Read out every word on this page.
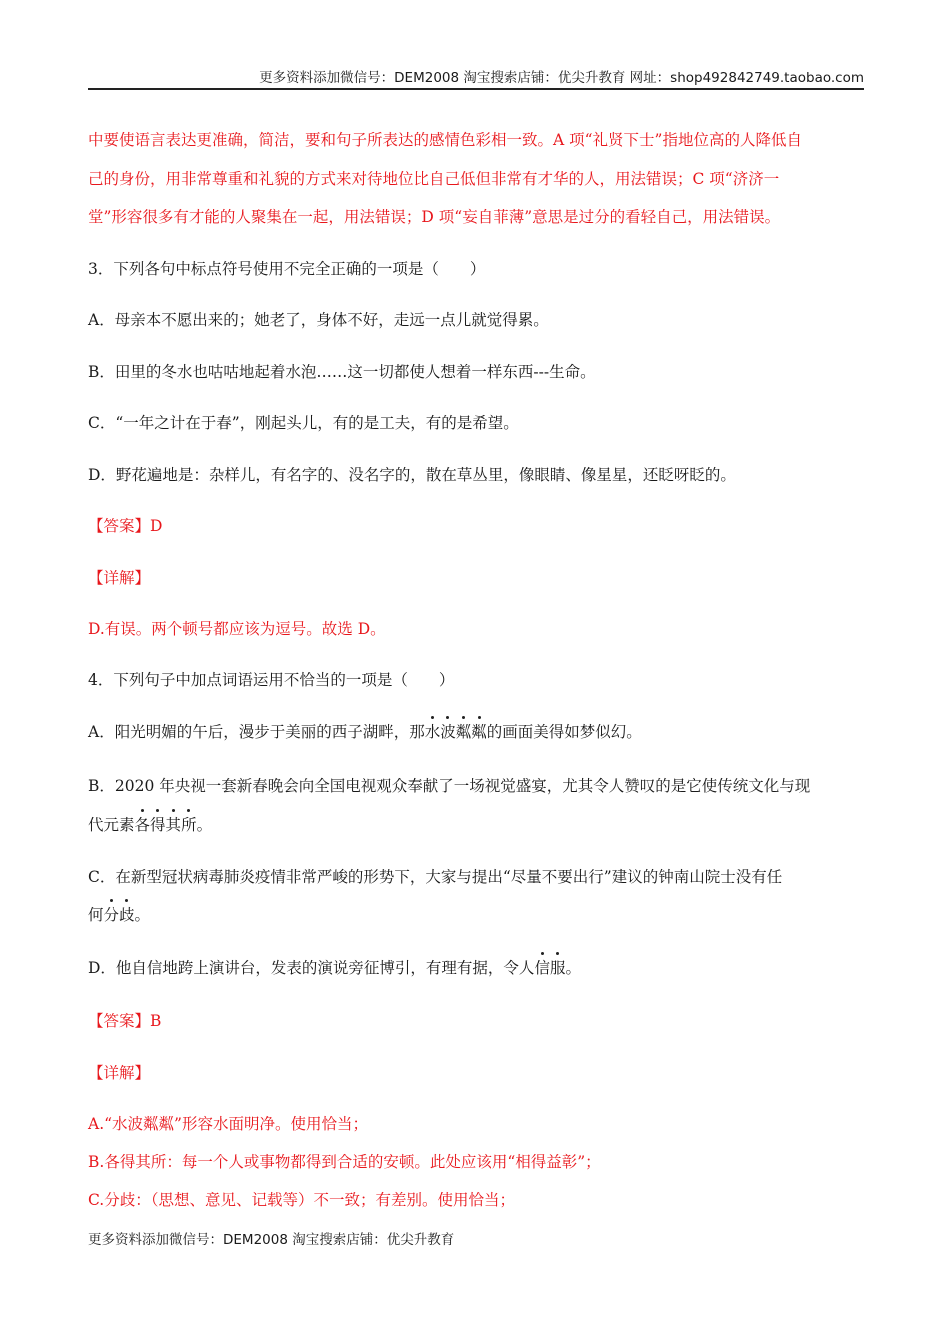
更多资料添加微信号：DEM2008 淘宝搜索店铺：优尖升教育 网址：shop492842749.taobao.com
中要使语言表达更准确，简洁，要和句子所表达的感情色彩相一致。A 项“礼贤下士”指地位高的人降低自
己的身份，用非常尊重和礼貌的方式来对待地位比自己低但非常有才华的人，用法错误；C 项“济济一
堂”形容很多有才能的人聚集在一起，用法错误；D 项“妄自菲薄”意思是过分的看轻自己，用法错误。
3．下列各句中标点符号使用不完全正确的一项是（　　）
A．母亲本不愿出来的；她老了，身体不好，走远一点儿就觉得累。
B．田里的冬水也咕咕地起着水泡……这一切都使人想着一样东西---生命。
C．“一年之计在于春”，刚起头儿，有的是工夫，有的是希望。
D．野花遍地是：杂样儿，有名字的、没名字的，散在草丛里，像眼睛、像星星，还眨呀眨的。
【答案】D
【详解】
D.有误。两个顿号都应该为逗号。故选 D。
4．下列句子中加点词语运用不恰当的一项是（　　）
A．阳光明媚的午后，漫步于美丽的西子湖畔，那水波粼粼的画面美得如梦似幻。
B．2020 年央视一套新春晚会向全国电视观众奉献了一场视觉盛宴，尤其令人赞叹的是它使传统文化与现
代元素各得其所。
C．在新型冠状病毒肺炎疫情非常严峻的形势下，大家与提出“尽量不要出行”建议的钟南山院士没有任
何分歧。
D．他自信地跨上演讲台，发表的演说旁征博引，有理有据，令人信服。
【答案】B
【详解】
A.“水波粼粼”形容水面明净。使用恰当；
B.各得其所：每一个人或事物都得到合适的安顿。此处应该用“相得益彰”；
C.分歧：（思想、意见、记载等）不一致；有差别。使用恰当；
更多资料添加微信号：DEM2008 淘宝搜索店铺：优尖升教育
